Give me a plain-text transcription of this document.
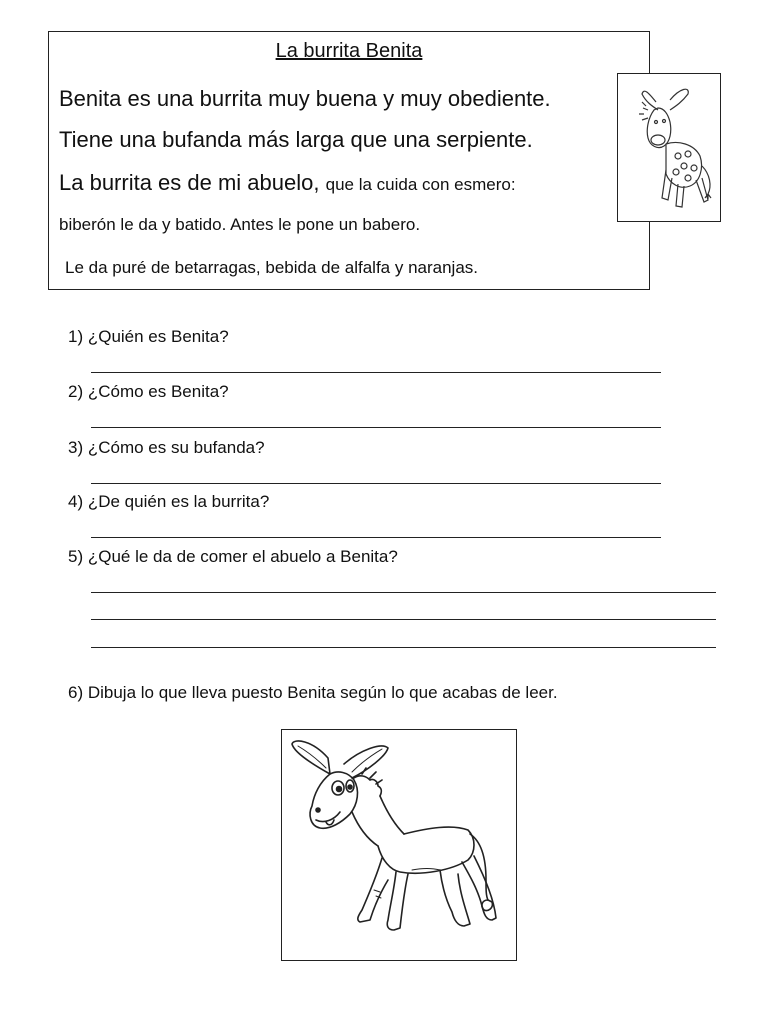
La burrita Benita
Benita es una burrita muy buena y muy obediente.
Tiene una bufanda más larga que una serpiente.
La burrita es de mi abuelo, que la cuida con esmero:
biberón le da y batido. Antes le pone un babero.
Le da puré de betarragas, bebida de alfalfa y naranjas.
1) ¿Quién es Benita?
2) ¿Cómo es Benita?
3) ¿Cómo es su bufanda?
4) ¿De quién es la burrita?
5) ¿Qué le da de comer el abuelo a Benita?
6) Dibuja lo que lleva puesto Benita según lo que acabas de leer.
